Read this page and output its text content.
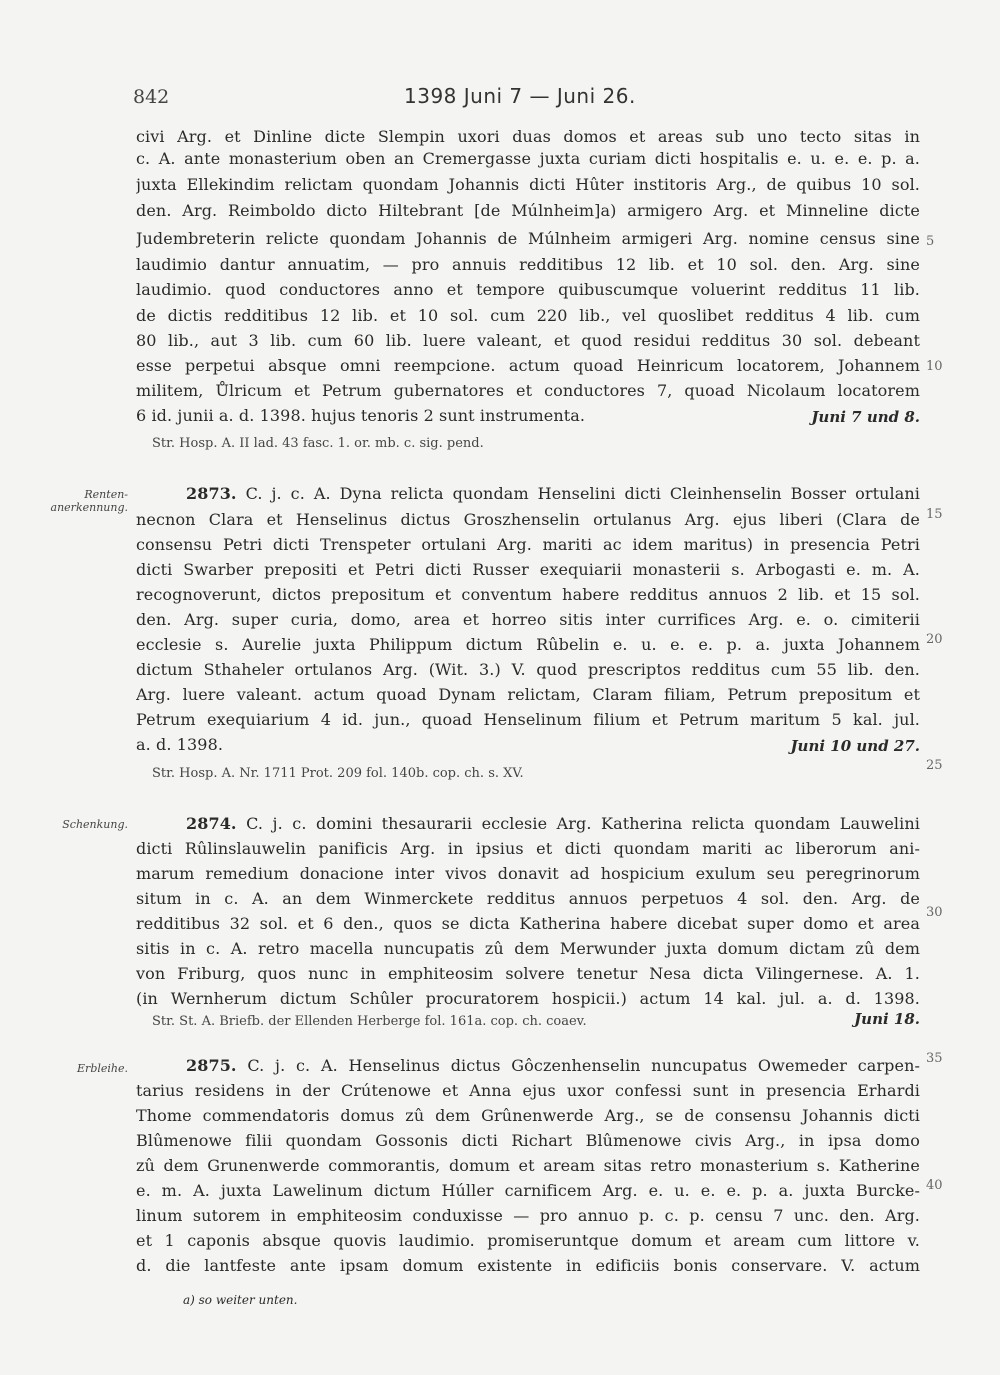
842	1398 Juni 7 — Juni 26.
civi Arg. et Dinline dicte Slempin uxori duas domos et areas sub uno tecto sitas in
c. A. ante monasterium oben an Cremergasse juxta curiam dicti hospitalis e. u. e. e. p. a.
juxta Ellekindim relictam quondam Johannis dicti Hûter institoris Arg., de quibus 10 sol.
den. Arg. Reimboldo dicto Hiltebrant [de Múlnheim]a) armigero Arg. et Minneline dicte
Judembreterin relicte quondam Johannis de Múlnheim armigeri Arg. nomine census sine
laudimio dantur annuatim, — pro annuis redditibus 12 lib. et 10 sol. den. Arg. sine
laudimio. quod conductores anno et tempore quibuscumque voluerint redditus 11 lib.
de dictis redditibus 12 lib. et 10 sol. cum 220 lib., vel quoslibet redditus 4 lib. cum
80 lib., aut 3 lib. cum 60 lib. luere valeant, et quod residui redditus 30 sol. debeant
esse perpetui absque omni reempcione. actum quoad Heinricum locatorem, Johannem
militem, Ůlricum et Petrum gubernatores et conductores 7, quoad Nicolaum locatorem
6 id. junii a. d. 1398. hujus tenoris 2 sunt instrumenta.	Juni 7 und 8.
Str. Hosp. A. II lad. 43 fasc. 1. or. mb. c. sig. pend.
Renten-anerkennung.
2873. C. j. c. A. Dyna relicta quondam Henselini dicti Cleinhenselin Bosser ortulani
necnon Clara et Henselinus dictus Groszhenselin ortulanus Arg. ejus liberi (Clara de
consensu Petri dicti Trenspeter ortulani Arg. mariti ac idem maritus) in presencia Petri
dicti Swarber prepositi et Petri dicti Russer exequiarii monasterii s. Arbogasti e. m. A.
recognoverunt, dictos prepositum et conventum habere redditus annuos 2 lib. et 15 sol.
den. Arg. super curia, domo, area et horreo sitis inter currifices Arg. e. o. cimiterii
ecclesie s. Aurelie juxta Philippum dictum Rûbelin e. u. e. e. p. a. juxta Johannem
dictum Sthaheler ortulanos Arg. (Wit. 3.) V. quod prescriptos redditus cum 55 lib. den.
Arg. luere valeant. actum quoad Dynam relictam, Claram filiam, Petrum prepositum et
Petrum exequiarium 4 id. jun., quoad Henselinum filium et Petrum maritum 5 kal. jul.
a. d. 1398.	Juni 10 und 27.
Str. Hosp. A. Nr. 1711 Prot. 209 fol. 140b. cop. ch. s. XV.
Schenkung.	2874. C. j. c. domini thesaurarii ecclesie Arg. Katherina relicta quondam Lauwelini
dicti Rûlinslauwelin panificis Arg. in ipsius et dicti quondam mariti ac liberorum ani-
marum remedium donacione inter vivos donavit ad hospicium exulum seu peregrinorum
situm in c. A. an dem Winmerckete redditus annuos perpetuos 4 sol. den. Arg. de
redditibus 32 sol. et 6 den., quos se dicta Katherina habere dicebat super domo et area
sitis in c. A. retro macella nuncupatis zû dem Merwunder juxta domum dictam zû dem
von Friburg, quos nunc in emphiteosim solvere tenetur Nesa dicta Vilingernese. A. 1.
(in Wernherum dictum Schûler procuratorem hospicii.) actum 14 kal. jul. a. d. 1398.
Str. St. A. Briefb. der Ellenden Herberge fol. 161a. cop. ch. coaev.	Juni 18.
Erbleihe.	2875. C. j. c. A. Henselinus dictus Gôczenhenselin nuncupatus Owemeder carpen-
tarius residens in der Crútenowe et Anna ejus uxor confessi sunt in presencia Erhardi
Thome commendatoris domus zû dem Grûnenwerde Arg., se de consensu Johannis dicti
Blûmenowe filii quondam Gossonis dicti Richart Blûmenowe civis Arg., in ipsa domo
zû dem Grunenwerde commorantis, domum et aream sitas retro monasterium s. Katherine
e. m. A. juxta Lawelinum dictum Húller carnificem Arg. e. u. e. e. p. a. juxta Burcke-
linum sutorem in emphiteosim conduxisse — pro annuo p. c. p. censu 7 unc. den. Arg.
et 1 caponis absque quovis laudimio. promiseruntque domum et aream cum littore v.
d. die lantfeste ante ipsam domum existente in edificiis bonis conservare. V. actum
5
10
15
20
25
30
35
40
a) so weiter unten.
